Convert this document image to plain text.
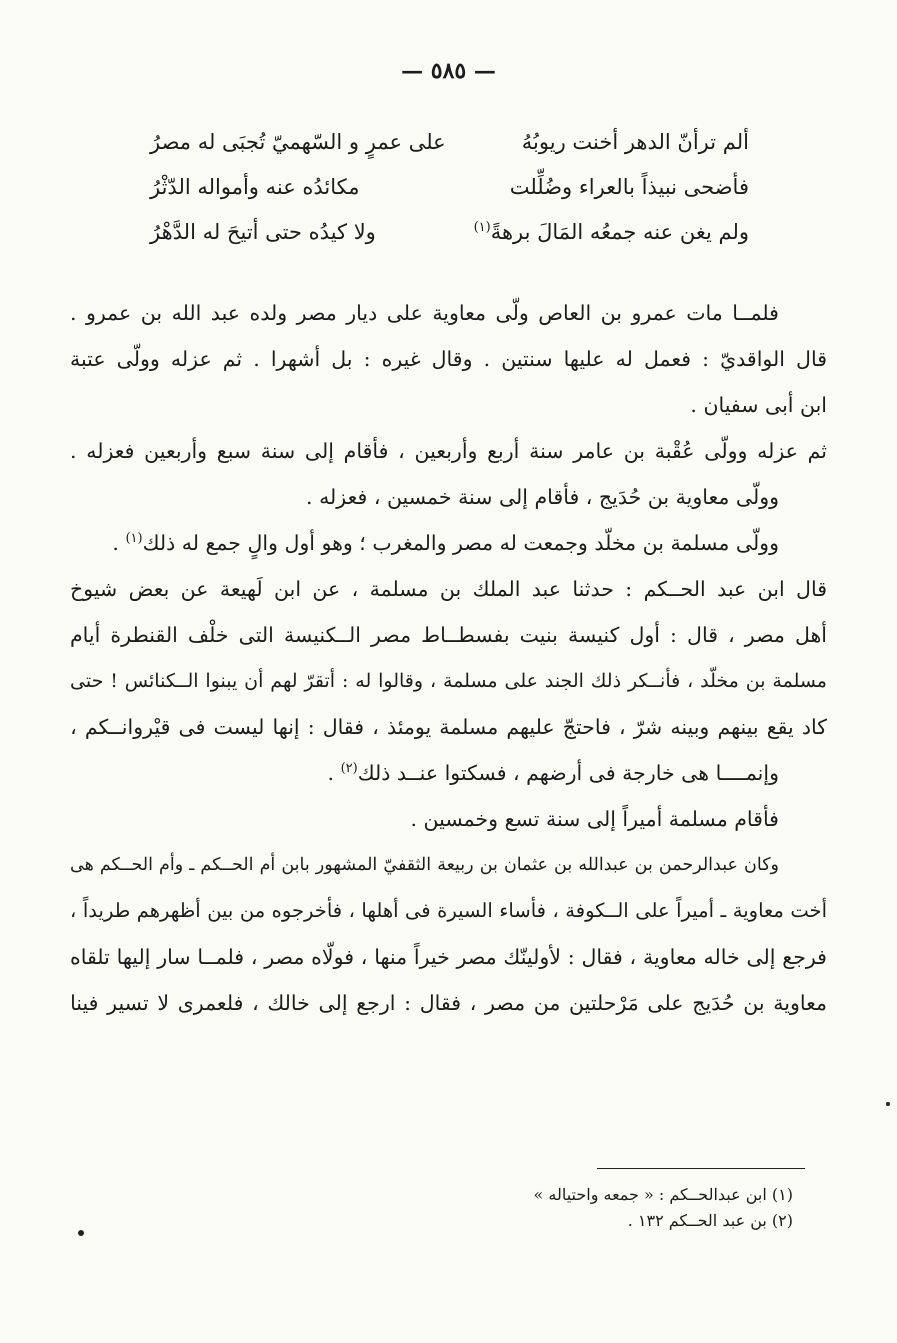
— ٥٨٥ —
ألم ترأنّ الدهر أخنت ريوبُهُ
على عمرٍ و السّهميّ تُجبَى له مصرُ
فأضحى نبيذاً بالعراء وضُلِّلت
مكائدُه عنه وأمواله الدّثْرُ
ولم يغن عنه جمعُه المَالَ برهةً$^{(١)}$
ولا كيدُه حتى أتيحَ له الدَّهْرُ
فلمــا مات عمرو بن العاص ولّى معاوية على ديار مصر ولده عبد الله بن عمرو .
قال الواقديّ : فعمل له عليها سنتين . وقال غيره : بل أشهرا . ثم عزله وولّى عتبة
ابن أبى سفيان .
ثم عزله وولّى عُقْبة بن عامر سنة أربع وأربعين ، فأقام إلى سنة سبع وأربعين فعزله .
وولّى معاوية بن حُدَيج ، فأقام إلى سنة خمسين ، فعزله .
وولّى مسلمة بن مخلّد وجمعت له مصر والمغرب ؛ وهو أول والٍ جمع له ذلك$^{(١)}$ .
قال ابن عبد الحــكم : حدثنا عبد الملك بن مسلمة ، عن ابن لَهيعة عن بعض شيوخ
أهل مصر ، قال : أول كنيسة بنيت بفسطــاط مصر الــكنيسة التى خلْف القنطرة أيام
مسلمة بن مخلّد ، فأنــكر ذلك الجند على مسلمة ، وقالوا له : أتقرّ لهم أن يبنوا الــكنائس ! حتى
كاد يقع بينهم وبينه شرّ ، فاحتجّ عليهم مسلمة يومئذ ، فقال : إنها ليست فى قيْروانــكم ،
وإنمــــا هى خارجة فى أرضهم ، فسكتوا عنــد ذلك$^{(٢)}$ .
فأقام مسلمة أميراً إلى سنة تسع وخمسين .
وكان عبدالرحمن بن عبدالله بن عثمان بن ربيعة الثقفيّ المشهور بابن أم الحــكم ـ وأم الحــكم هى
أخت معاوية ـ أميراً على الــكوفة ، فأساء السيرة فى أهلها ، فأخرجوه من بين أظهرهم طريداً ،
فرجع إلى خاله معاوية ، فقال : لأولينّك مصر خيراً منها ، فولّاه مصر ، فلمــا سار إليها تلقاه
معاوية بن حُدَيج على مَرْحلتين من مصر ، فقال : ارجع إلى خالك ، فلعمرى لا تسير فينا
(١) ابن عبدالحــكم : « جمعه واحتياله »
(٢) بن عبد الحــكم ١٣٢ .
